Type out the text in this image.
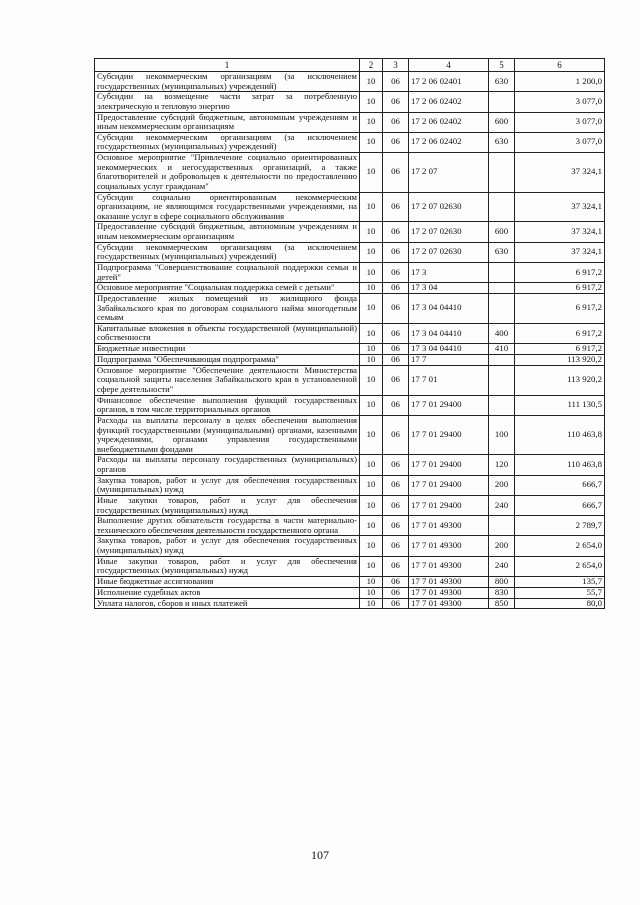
1	2	3	4	5	6
Субсидии некоммерческим организациям (за исключением государственных (муниципальных) учреждений)	10	06	17 2 06 02401	630	1 200,0
Субсидии на возмещение части затрат за потребленную электрическую и тепловую энергию	10	06	17 2 06 02402		3 077,0
Предоставление субсидий бюджетным, автономным учреждениям и иным некоммерческим организациям	10	06	17 2 06 02402	600	3 077,0
Субсидии некоммерческим организациям (за исключением государственных (муниципальных) учреждений)	10	06	17 2 06 02402	630	3 077,0
Основное мероприятие "Привлечение социально ориентированных некоммерческих и негосударственных организаций, а также благотворителей и добровольцев к деятельности по предоставлению социальных услуг гражданам"	10	06	17 2 07		37 324,1
Субсидии социально ориентированным некоммерческим организациям, не являющимся государственными учреждениями, на оказание услуг в сфере социального обслуживания	10	06	17 2 07 02630		37 324,1
Предоставление субсидий бюджетным, автономным учреждениям и иным некоммерческим организациям	10	06	17 2 07 02630	600	37 324,1
Субсидии некоммерческим организациям (за исключением государственных (муниципальных) учреждений)	10	06	17 2 07 02630	630	37 324,1
Подпрограмма "Совершенствование социальной поддержки семьи и детей"	10	06	17 3		6 917,2
Основное мероприятие "Социальная поддержка семей с детьми"	10	06	17 3 04		6 917,2
Предоставление жилых помещений из жилищного фонда Забайкальского края по договорам социального найма многодетным семьям	10	06	17 3 04 04410		6 917,2
Капитальные вложения в объекты государственной (муниципальной) собственности	10	06	17 3 04 04410	400	6 917,2
Бюджетные инвестиции	10	06	17 3 04 04410	410	6 917,2
Подпрограмма "Обеспечивающая подпрограмма"	10	06	17 7		113 920,2
Основное мероприятие "Обеспечение деятельности Министерства социальной защиты населения Забайкальского края в установленной сфере деятельности"	10	06	17 7 01		113 920,2
Финансовое обеспечение выполнения функций государственных органов, в том числе территориальных органов	10	06	17 7 01 29400		111 130,5
Расходы на выплаты персоналу в целях обеспечения выполнения функций государственными (муниципальными) органами, казенными учреждениями, органами управления государственными внебюджетными фондами	10	06	17 7 01 29400	100	110 463,8
Расходы на выплаты персоналу государственных (муниципальных) органов	10	06	17 7 01 29400	120	110 463,8
Закупка товаров, работ и услуг для обеспечения государственных (муниципальных) нужд	10	06	17 7 01 29400	200	666,7
Иные закупки товаров, работ и услуг для обеспечения государственных (муниципальных) нужд	10	06	17 7 01 29400	240	666,7
Выполнение других обязательств государства в части материально-технического обеспечения деятельности государственного органа	10	06	17 7 01 49300		2 789,7
Закупка товаров, работ и услуг для обеспечения государственных (муниципальных) нужд	10	06	17 7 01 49300	200	2 654,0
Иные закупки товаров, работ и услуг для обеспечения государственных (муниципальных) нужд	10	06	17 7 01 49300	240	2 654,0
Иные бюджетные ассигнования	10	06	17 7 01 49300	800	135,7
Исполнение судебных актов	10	06	17 7 01 49300	830	55,7
Уплата налогов, сборов и иных платежей	10	06	17 7 01 49300	850	80,0
107
